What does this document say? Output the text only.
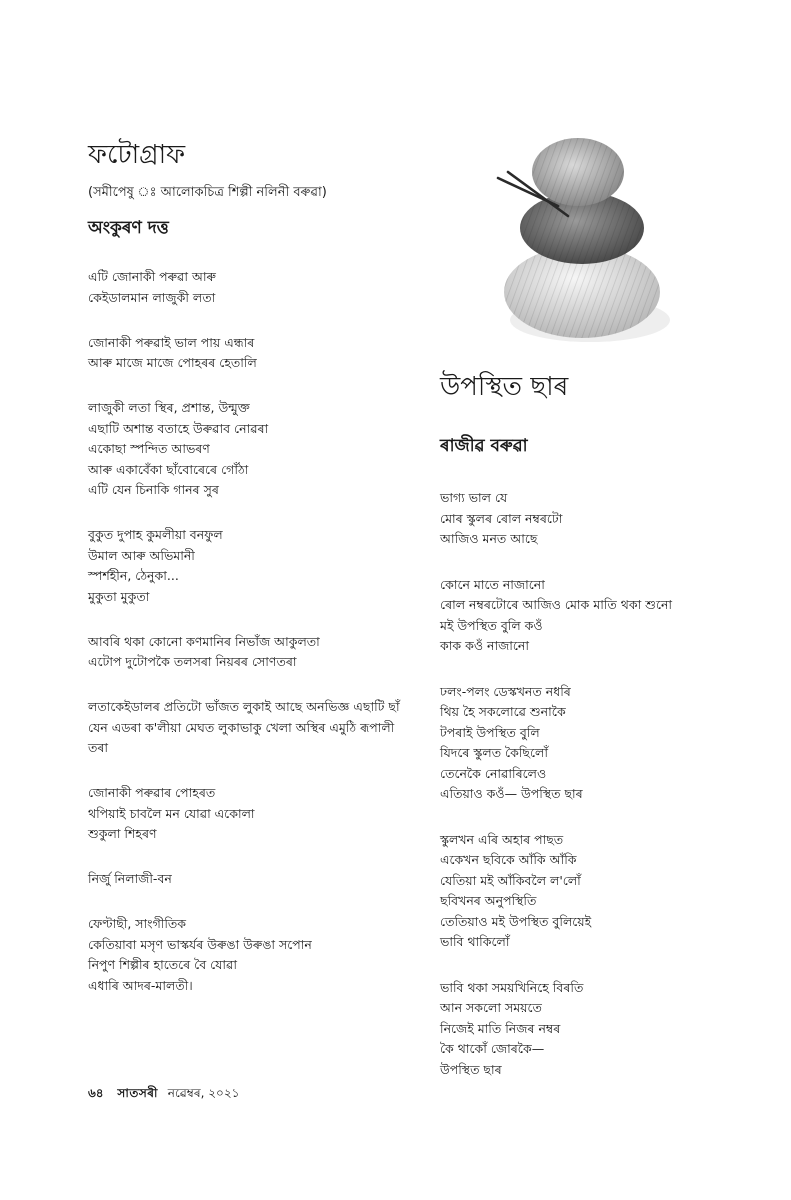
ফটোগ্ৰাফ

(সমীপেষু ঃ আলোকচিত্ৰ শিল্পী নলিনী বৰুৱা)

অংকুৰণ দত্ত

এটি জোনাকী পৰুৱা আৰু
কেইডালমান লাজুকী লতা
জোনাকী পৰুৱাই ভাল পায় এন্ধাৰ
আৰু মাজে মাজে পোহৰৰ হেতালি
লাজুকী লতা স্থিৰ, প্ৰশান্ত, উন্মুক্ত
এছাটি অশান্ত বতাহে উৰুৱাব নোৱৰা
একোছা স্পন্দিত আভৰণ
আৰু একাবেঁকা ছাঁবোৰেৰে গোঁঠা
এটি যেন চিনাকি গানৰ সুৰ
বুকুত দুপাহ কুমলীয়া বনফুল
উমাল আৰু অভিমানী
স্পৰ্শহীন, ঠেনুকা...
মুকুতা মুকুতা
আবৰি থকা কোনো কণমানিৰ নিভাঁজ আকুলতা
এটোপ দুটোপকৈ তলসৰা নিয়ৰৰ সোণতৰা
লতাকেইডালৰ প্ৰতিটো ভাঁজত লুকাই আছে অনভিজ্ঞ এছাটি ছাঁ
যেন এডৰা ক'লীয়া মেঘত লুকাভাকু খেলা অস্থিৰ এমুঠি ৰূপালী
তৰা
জোনাকী পৰুৱাৰ পোহৰত
থপিয়াই চাবলৈ মন যোৱা একোলা
শুকুলা শিহৰণ
নিৰ্জু নিলাজী-বন
ফেণ্টাছী, সাংগীতিক
কেতিয়াবা মসৃণ ভাস্কৰ্যৰ উৰুঙা উৰুঙা সপোন
নিপুণ শিল্পীৰ হাতেৰে বৈ যোৱা
এধাৰি আদৰ-মালতী।
উপস্থিত ছাৰ

ৰাজীৱ বৰুৱা

ভাগ্য ভাল যে
মোৰ স্কুলৰ ৰোল নম্বৰটো
আজিও মনত আছে
কোনে মাতে নাজানো
ৰোল নম্বৰটোৰে আজিও মোক মাতি থকা শুনো
মই উপস্থিত বুলি কওঁ
কাক কওঁ নাজানো
ঢলং-পলং ডেস্কখনত নধৰি
থিয় হৈ সকলোৱে শুনাকৈ
টপৰাই উপস্থিত বুলি
যিদৰে স্কুলত কৈছিলোঁ
তেনেকৈ নোৱাৰিলেও
এতিয়াও কওঁ— উপস্থিত ছাৰ
স্কুলখন এৰি অহাৰ পাছত
একেখন ছবিকে আঁকি আঁকি
যেতিয়া মই আঁকিবলৈ ল'লোঁ
ছবিখনৰ অনুপস্থিতি
তেতিয়াও মই উপস্থিত বুলিয়েই
ভাবি থাকিলোঁ
ভাবি থকা সময়খিনিহে বিৰতি
আন সকলো সময়তে
নিজেই মাতি নিজৰ নম্বৰ
কৈ থাকোঁ জোৰকৈ—
উপস্থিত ছাৰ
৬৪ সাতসৰী নৱেম্বৰ, ২০২১
